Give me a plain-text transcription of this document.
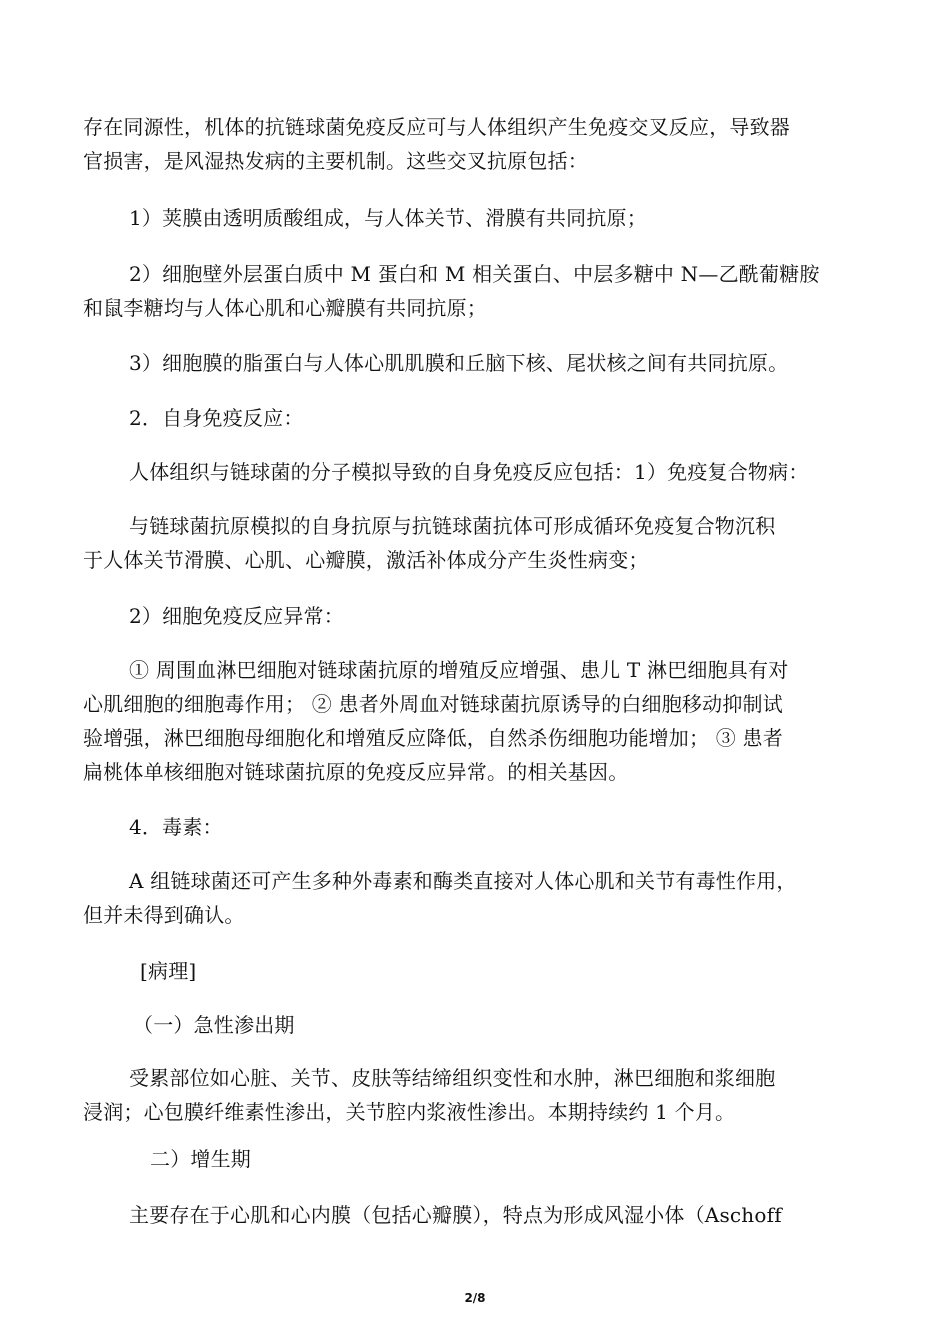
存在同源性，机体的抗链球菌免疫反应可与人体组织产生免疫交叉反应，导致器
官损害，是风湿热发病的主要机制。这些交叉抗原包括：
1）荚膜由透明质酸组成，与人体关节、滑膜有共同抗原；
2）细胞壁外层蛋白质中 M 蛋白和 M 相关蛋白、中层多糖中 N—乙酰葡糖胺
和鼠李糖均与人体心肌和心瓣膜有共同抗原；
3）细胞膜的脂蛋白与人体心肌肌膜和丘脑下核、尾状核之间有共同抗原。
2．自身免疫反应：
人体组织与链球菌的分子模拟导致的自身免疫反应包括：1）免疫复合物病：
与链球菌抗原模拟的自身抗原与抗链球菌抗体可形成循环免疫复合物沉积
于人体关节滑膜、心肌、心瓣膜，激活补体成分产生炎性病变；
2）细胞免疫反应异常：
① 周围血淋巴细胞对链球菌抗原的增殖反应增强、患儿 T 淋巴细胞具有对
心肌细胞的细胞毒作用； ② 患者外周血对链球菌抗原诱导的白细胞移动抑制试
验增强，淋巴细胞母细胞化和增殖反应降低，自然杀伤细胞功能增加； ③ 患者
扁桃体单核细胞对链球菌抗原的免疫反应异常。的相关基因。
4．毒素：
A 组链球菌还可产生多种外毒素和酶类直接对人体心肌和关节有毒性作用，
但并未得到确认。
[病理]
（一）急性渗出期
受累部位如心脏、关节、皮肤等结缔组织变性和水肿，淋巴细胞和浆细胞
浸润；心包膜纤维素性渗出，关节腔内浆液性渗出。本期持续约 1 个月。
二）增生期
主要存在于心肌和心内膜（包括心瓣膜），特点为形成风湿小体（Aschoff
2/8
